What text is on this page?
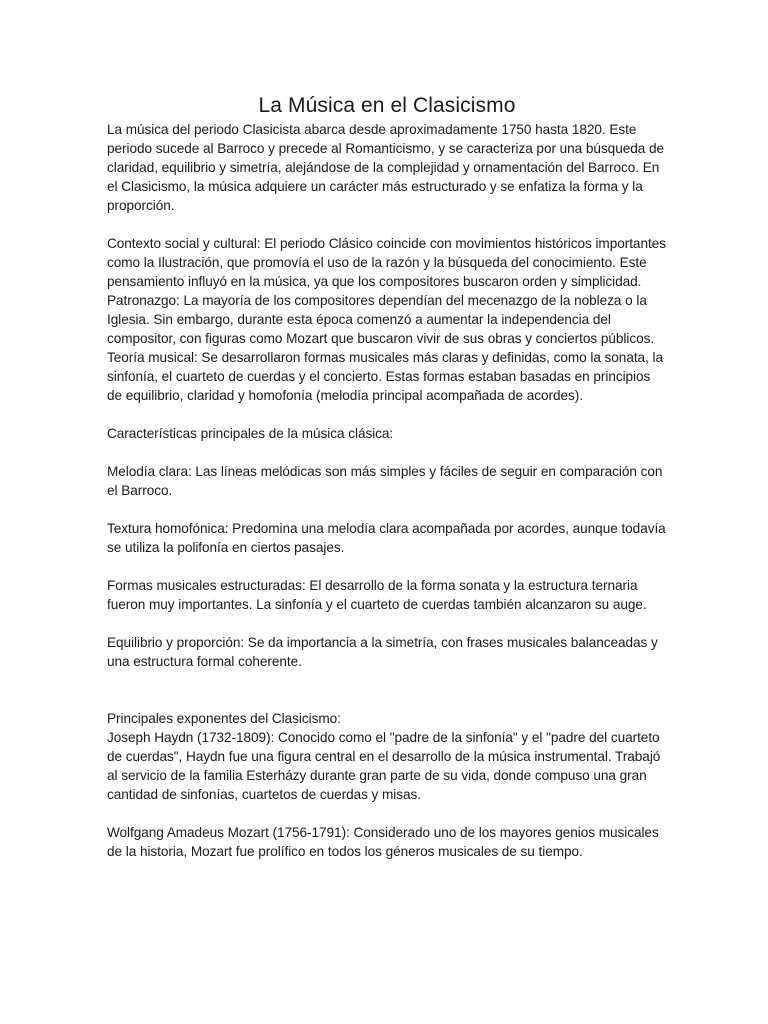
La Música en el Clasicismo

La música del periodo Clasicista abarca desde aproximadamente 1750 hasta 1820. Este periodo sucede al Barroco y precede al Romanticismo, y se caracteriza por una búsqueda de claridad, equilibrio y simetría, alejándose de la complejidad y ornamentación del Barroco. En el Clasicismo, la música adquiere un carácter más estructurado y se enfatiza la forma y la proporción.

Contexto social y cultural: El periodo Clásico coincide con movimientos históricos importantes como la Ilustración, que promovía el uso de la razón y la búsqueda del conocimiento. Este pensamiento influyó en la música, ya que los compositores buscaron orden y simplicidad.

Patronazgo: La mayoría de los compositores dependían del mecenazgo de la nobleza o la Iglesia. Sin embargo, durante esta época comenzó a aumentar la independencia del compositor, con figuras como Mozart que buscaron vivir de sus obras y conciertos públicos.

Teoría musical: Se desarrollaron formas musicales más claras y definidas, como la sonata, la sinfonía, el cuarteto de cuerdas y el concierto. Estas formas estaban basadas en principios de equilibrio, claridad y homofonía (melodía principal acompañada de acordes).

Características principales de la música clásica:

Melodía clara: Las líneas melódicas son más simples y fáciles de seguir en comparación con el Barroco.

Textura homofónica: Predomina una melodía clara acompañada por acordes, aunque todavía se utiliza la polifonía en ciertos pasajes.

Formas musicales estructuradas: El desarrollo de la forma sonata y la estructura ternaria fueron muy importantes. La sinfonía y el cuarteto de cuerdas también alcanzaron su auge.

Equilibrio y proporción: Se da importancia a la simetría, con frases musicales balanceadas y una estructura formal coherente.

Principales exponentes del Clasicismo:

Joseph Haydn (1732-1809): Conocido como el "padre de la sinfonía" y el "padre del cuarteto de cuerdas", Haydn fue una figura central en el desarrollo de la música instrumental. Trabajó al servicio de la familia Esterházy durante gran parte de su vida, donde compuso una gran cantidad de sinfonías, cuartetos de cuerdas y misas.

Wolfgang Amadeus Mozart (1756-1791): Considerado uno de los mayores genios musicales de la historia, Mozart fue prolífico en todos los géneros musicales de su tiempo.
